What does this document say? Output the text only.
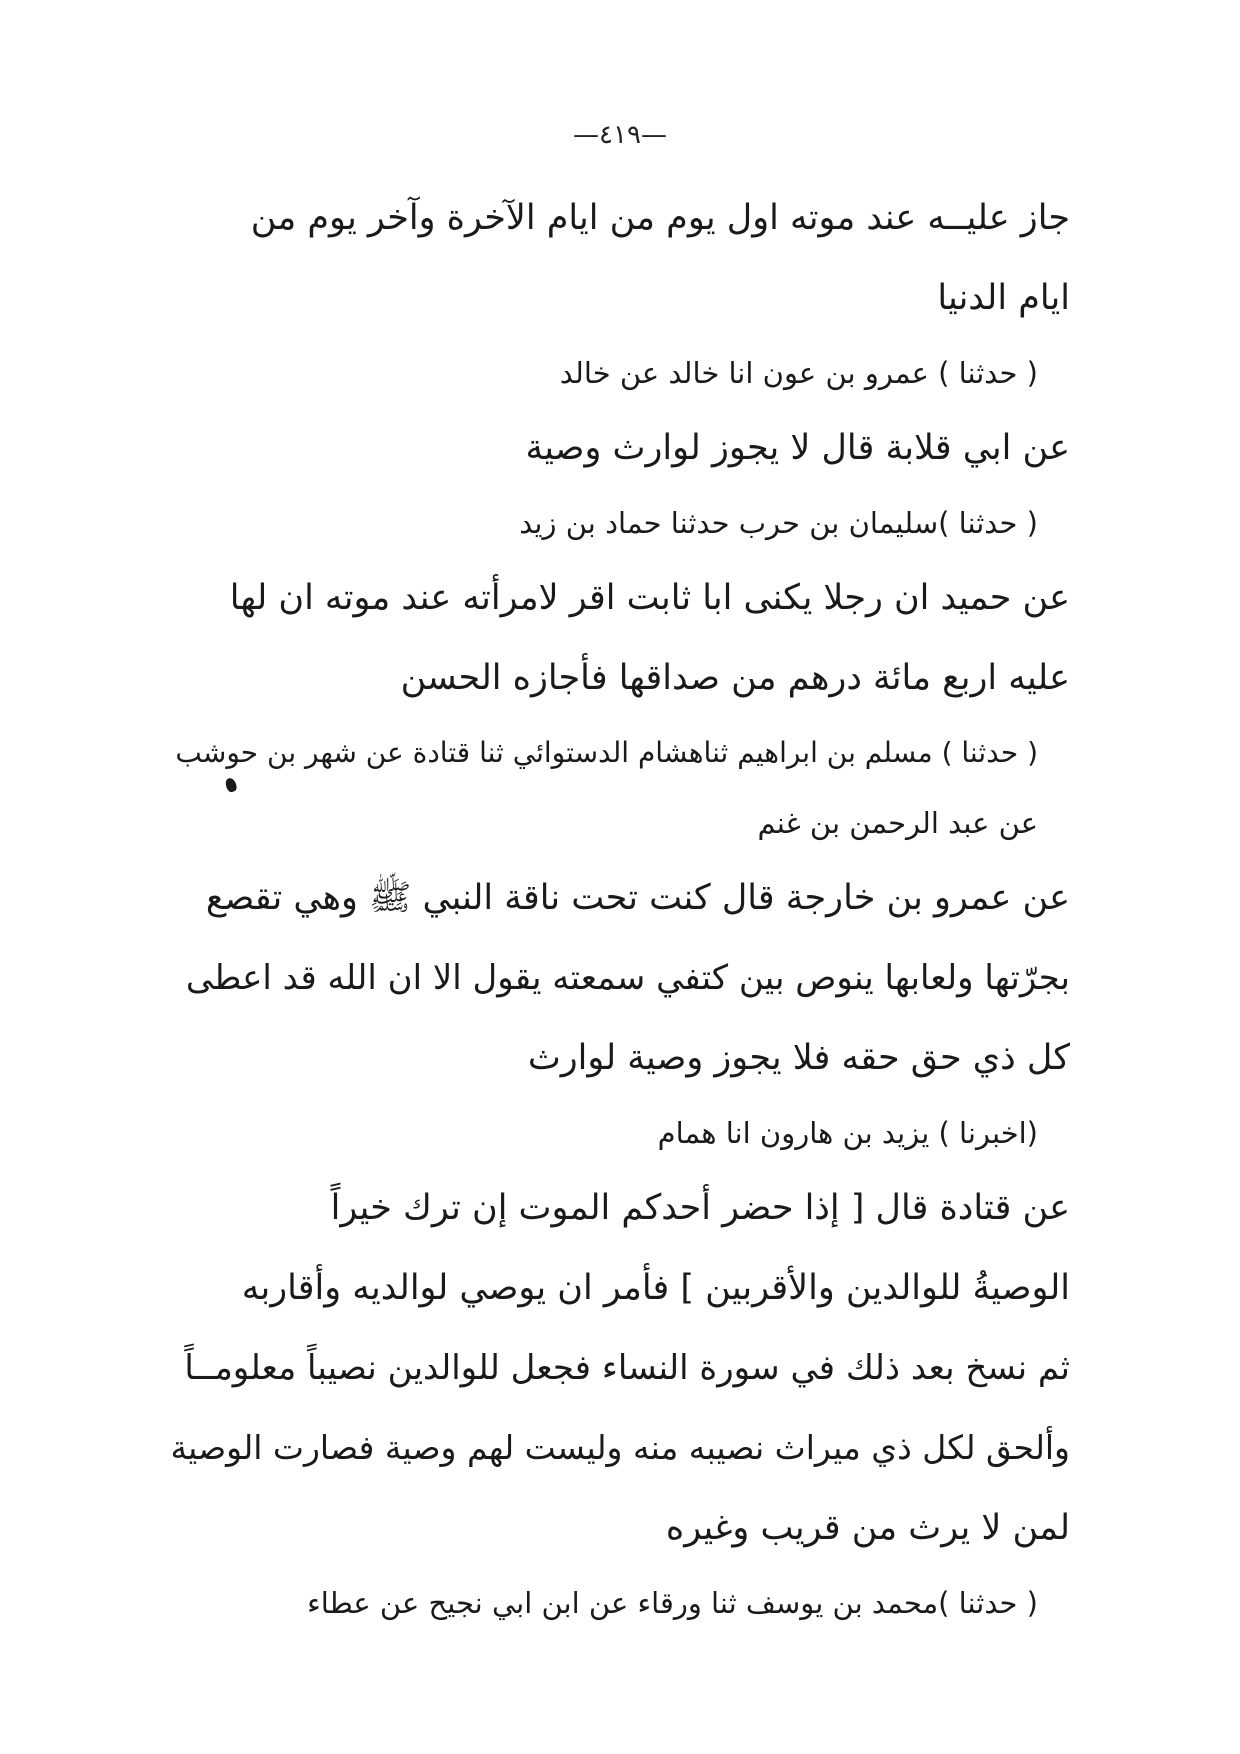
—٤١٩—
جاز عليــه عند موته اول يوم من ايام الآخرة وآخر يوم من
ايام الدنيا
( حدثنا ) عمرو بن عون انا خالد عن خالد
عن ابي قلابة قال لا يجوز لوارث وصية
( حدثنا )سليمان بن حرب حدثنا حماد بن زيد
عن حميد ان رجلا يكنى ابا ثابت اقر لامرأته عند موته ان لها
عليه اربع مائة درهم من صداقها فأجازه الحسن
( حدثنا ) مسلم بن ابراهيم ثناهشام الدستوائي ثنا قتادة عن شهر بن حوشب
عن عبد الرحمن بن غنم
عن عمرو بن خارجة قال كنت تحت ناقة النبي ﷺ وهي تقصع
بجرّتها ولعابها ينوص بين كتفي سمعته يقول الا ان الله قد اعطى
كل ذي حق حقه فلا يجوز وصية لوارث
(اخبرنا ) يزيد بن هارون انا همام
عن قتادة قال [ إذا حضر أحدكم الموت إن ترك خيراً
الوصيةُ للوالدين والأقربين ] فأمر ان يوصي لوالديه وأقاربه
ثم نسخ بعد ذلك في سورة النساء فجعل للوالدين نصيباً معلومــاً
وألحق لكل ذي ميراث نصيبه منه وليست لهم وصية فصارت الوصية
لمن لا يرث من قريب وغيره
( حدثنا )محمد بن يوسف ثنا ورقاء عن ابن ابي نجيح عن عطاء
